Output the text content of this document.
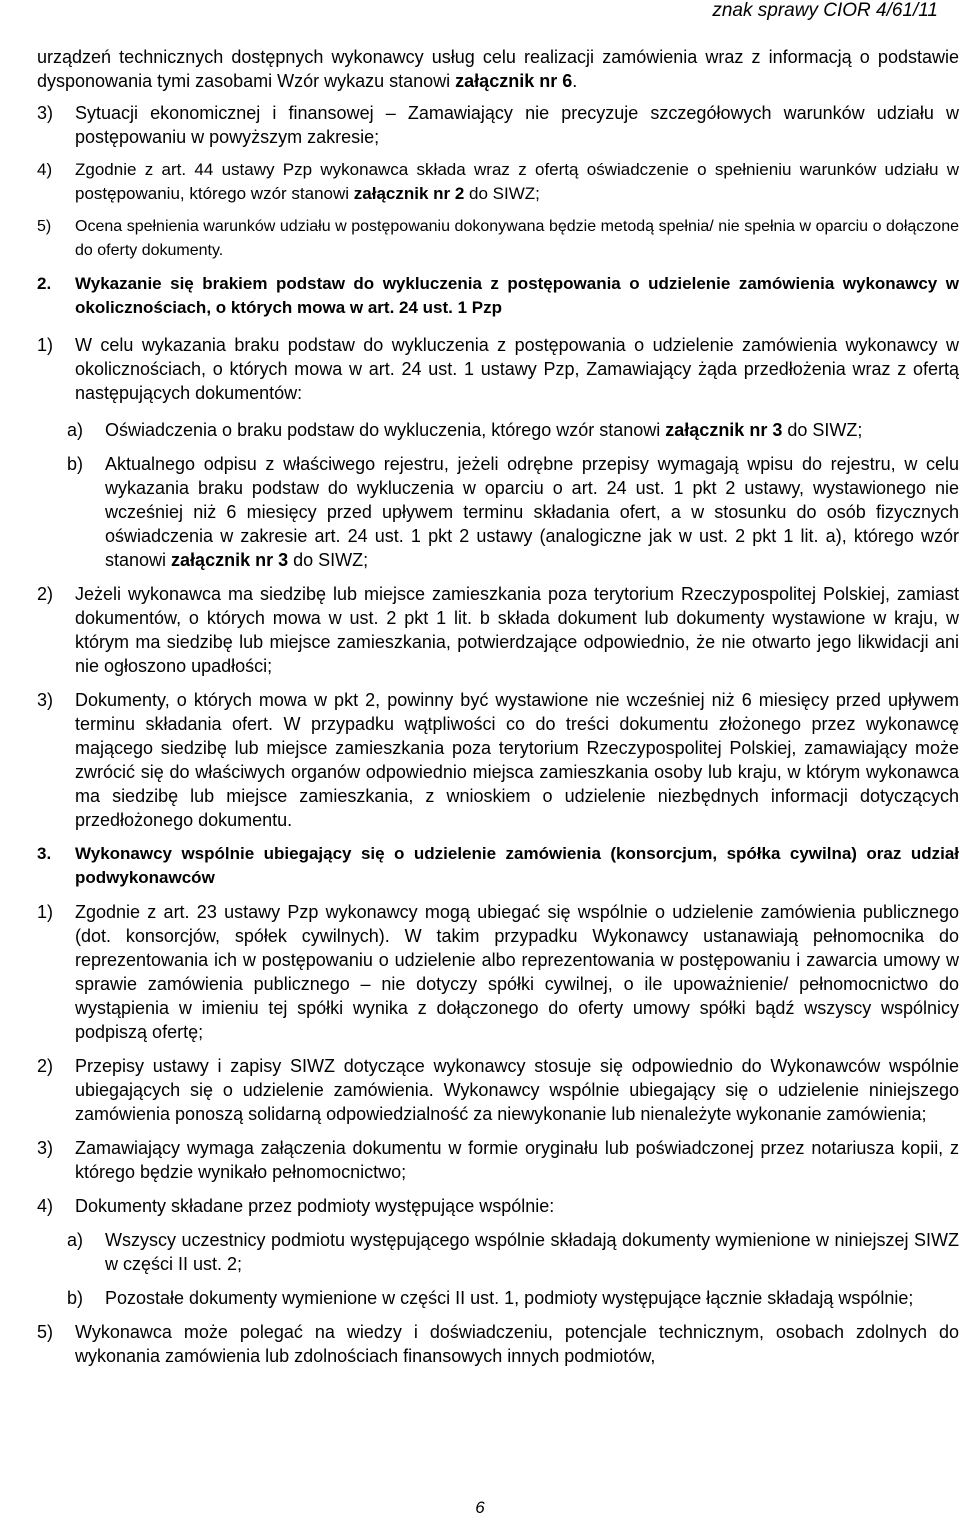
znak sprawy CIOR 4/61/11
urządzeń technicznych dostępnych wykonawcy usług celu realizacji zamówienia wraz z informacją o podstawie dysponowania tymi zasobami Wzór wykazu stanowi załącznik nr 6.
3)	Sytuacji ekonomicznej i finansowej – Zamawiający nie precyzuje szczegółowych warunków udziału w postępowaniu w powyższym zakresie;
4)	Zgodnie z art. 44 ustawy Pzp wykonawca składa wraz z ofertą oświadczenie o spełnieniu warunków udziału w postępowaniu, którego wzór stanowi załącznik nr 2 do SIWZ;
5)	Ocena spełnienia warunków udziału w postępowaniu dokonywana będzie metodą spełnia/ nie spełnia w oparciu o dołączone do oferty dokumenty.
2.	Wykazanie się brakiem podstaw do wykluczenia z postępowania o udzielenie zamówienia wykonawcy w okolicznościach, o których mowa w art. 24 ust. 1 Pzp
1)	W celu wykazania braku podstaw do wykluczenia z postępowania o udzielenie zamówienia wykonawcy w okolicznościach, o których mowa w art. 24 ust. 1 ustawy Pzp, Zamawiający żąda przedłożenia wraz z ofertą następujących dokumentów:
a)	Oświadczenia o braku podstaw do wykluczenia, którego wzór stanowi załącznik nr 3 do SIWZ;
b)	Aktualnego odpisu z właściwego rejestru, jeżeli odrębne przepisy wymagają wpisu do rejestru, w celu wykazania braku podstaw do wykluczenia w oparciu o art. 24 ust. 1 pkt 2 ustawy, wystawionego nie wcześniej niż 6 miesięcy przed upływem terminu składania ofert, a w stosunku do osób fizycznych oświadczenia w zakresie art. 24 ust. 1 pkt 2 ustawy (analogiczne jak w ust. 2 pkt 1 lit. a), którego wzór stanowi załącznik nr 3 do SIWZ;
2)	Jeżeli wykonawca ma siedzibę lub miejsce zamieszkania poza terytorium Rzeczypospolitej Polskiej, zamiast dokumentów, o których mowa w ust. 2 pkt 1 lit. b składa dokument lub dokumenty wystawione w kraju, w którym ma siedzibę lub miejsce zamieszkania, potwierdzające odpowiednio, że nie otwarto jego likwidacji ani nie ogłoszono upadłości;
3)	Dokumenty, o których mowa w pkt 2, powinny być wystawione nie wcześniej niż 6 miesięcy przed upływem terminu składania ofert. W przypadku wątpliwości co do treści dokumentu złożonego przez wykonawcę mającego siedzibę lub miejsce zamieszkania poza terytorium Rzeczypospolitej Polskiej, zamawiający może zwrócić się do właściwych organów odpowiednio miejsca zamieszkania osoby lub kraju, w którym wykonawca ma siedzibę lub miejsce zamieszkania, z wnioskiem o udzielenie niezbędnych informacji dotyczących przedłożonego dokumentu.
3.	Wykonawcy wspólnie ubiegający się o udzielenie zamówienia (konsorcjum, spółka cywilna) oraz udział podwykonawców
1)	Zgodnie z art. 23 ustawy Pzp wykonawcy mogą ubiegać się wspólnie o udzielenie zamówienia publicznego (dot. konsorcjów, spółek cywilnych). W takim przypadku Wykonawcy ustanawiają pełnomocnika do reprezentowania ich w postępowaniu o udzielenie albo reprezentowania w postępowaniu i zawarcia umowy w sprawie zamówienia publicznego – nie dotyczy spółki cywilnej, o ile upoważnienie/ pełnomocnictwo do wystąpienia w imieniu tej spółki wynika z dołączonego do oferty umowy spółki bądź wszyscy wspólnicy podpiszą ofertę;
2)	Przepisy ustawy i zapisy SIWZ dotyczące wykonawcy stosuje się odpowiednio do Wykonawców wspólnie ubiegających się o udzielenie zamówienia. Wykonawcy wspólnie ubiegający się o udzielenie niniejszego zamówienia ponoszą solidarną odpowiedzialność za niewykonanie lub nienależyte wykonanie zamówienia;
3)	Zamawiający wymaga załączenia dokumentu w formie oryginału lub poświadczonej przez notariusza kopii, z którego będzie wynikało pełnomocnictwo;
4)	Dokumenty składane przez podmioty występujące wspólnie:
a)	Wszyscy uczestnicy podmiotu występującego wspólnie składają dokumenty wymienione w niniejszej SIWZ w części II ust. 2;
b)	Pozostałe dokumenty wymienione w części II ust. 1, podmioty występujące łącznie składają wspólnie;
5)	Wykonawca może polegać na wiedzy i doświadczeniu, potencjale technicznym, osobach zdolnych do wykonania zamówienia lub zdolnościach finansowych innych podmiotów,
6
